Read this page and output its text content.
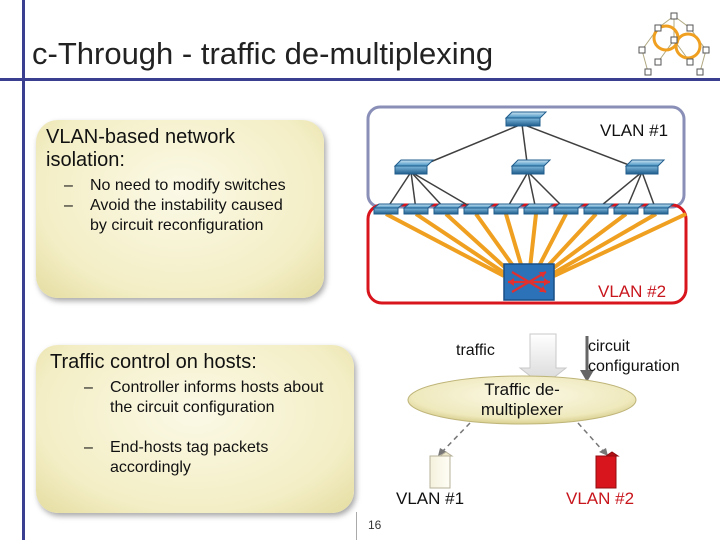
c-Through - traffic de-multiplexing
VLAN-based network isolation:
– No need to modify switches
– Avoid the instability caused by circuit reconfiguration
Traffic control on hosts:
– Controller informs hosts about the circuit configuration
– End-hosts tag packets accordingly
VLAN #1
VLAN #2
traffic	circuit configuration
Traffic de-multiplexer
VLAN #1	VLAN #2
16
